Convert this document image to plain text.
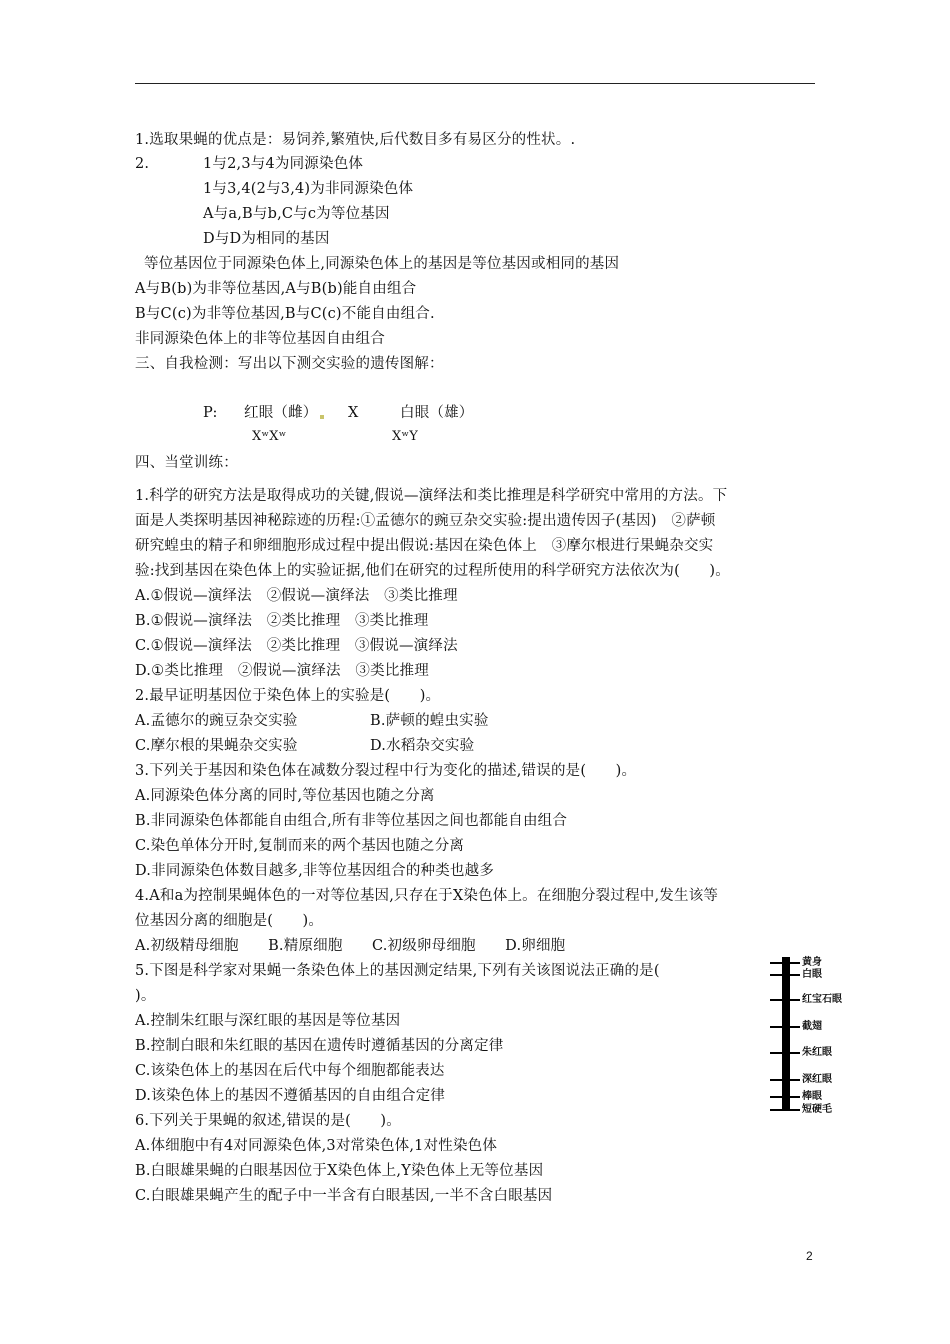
1.选取果蝇的优点是：易饲养,繁殖快,后代数目多有易区分的性状。.
2.	1与2,3与4为同源染色体
1与3,4(2与3,4)为非同源染色体
A与a,B与b,C与c为等位基因
D与D为相同的基因
等位基因位于同源染色体上,同源染色体上的基因是等位基因或相同的基因
A与B(b)为非等位基因,A与B(b)能自由组合
B与C(c)为非等位基因,B与C(c)不能自由组合.
非同源染色体上的非等位基因自由组合
三、自我检测：写出以下测交实验的遗传图解：
四、当堂训练：
1.科学的研究方法是取得成功的关键,假说—演绎法和类比推理是科学研究中常用的方法。下
面是人类探明基因神秘踪迹的历程:①孟德尔的豌豆杂交实验:提出遗传因子(基因)　②萨顿
研究蝗虫的精子和卵细胞形成过程中提出假说:基因在染色体上　③摩尔根进行果蝇杂交实
验:找到基因在染色体上的实验证据,他们在研究的过程所使用的科学研究方法依次为(　　)。
A.①假说—演绎法　②假说—演绎法　③类比推理
B.①假说—演绎法　②类比推理　③类比推理
C.①假说—演绎法　②类比推理　③假说—演绎法
D.①类比推理　②假说—演绎法　③类比推理
2.最早证明基因位于染色体上的实验是(　　)。
A.孟德尔的豌豆杂交实验	B.萨顿的蝗虫实验
C.摩尔根的果蝇杂交实验	D.水稻杂交实验
3.下列关于基因和染色体在减数分裂过程中行为变化的描述,错误的是(　　)。
A.同源染色体分离的同时,等位基因也随之分离
B.非同源染色体都能自由组合,所有非等位基因之间也都能自由组合
C.染色单体分开时,复制而来的两个基因也随之分离
D.非同源染色体数目越多,非等位基因组合的种类也越多
4.A和a为控制果蝇体色的一对等位基因,只存在于X染色体上。在细胞分裂过程中,发生该等
位基因分离的细胞是(　　)。
A.初级精母细胞　　B.精原细胞　　C.初级卵母细胞　　D.卵细胞
5.下图是科学家对果蝇一条染色体上的基因测定结果,下列有关该图说法正确的是(
)。
A.控制朱红眼与深红眼的基因是等位基因
B.控制白眼和朱红眼的基因在遗传时遵循基因的分离定律
C.该染色体上的基因在后代中每个细胞都能表达
D.该染色体上的基因不遵循基因的自由组合定律
6.下列关于果蝇的叙述,错误的是(　　)。
A.体细胞中有4对同源染色体,3对常染色体,1对性染色体
B.白眼雄果蝇的白眼基因位于X染色体上,Y染色体上无等位基因
C.白眼雄果蝇产生的配子中一半含有白眼基因,一半不含白眼基因
P: 红眼（雌）	X	白眼（雄）
XʷXʷ	XʷY
黄身
白眼
红宝石眼
截翅
朱红眼
深红眼
棒眼
短硬毛
2
